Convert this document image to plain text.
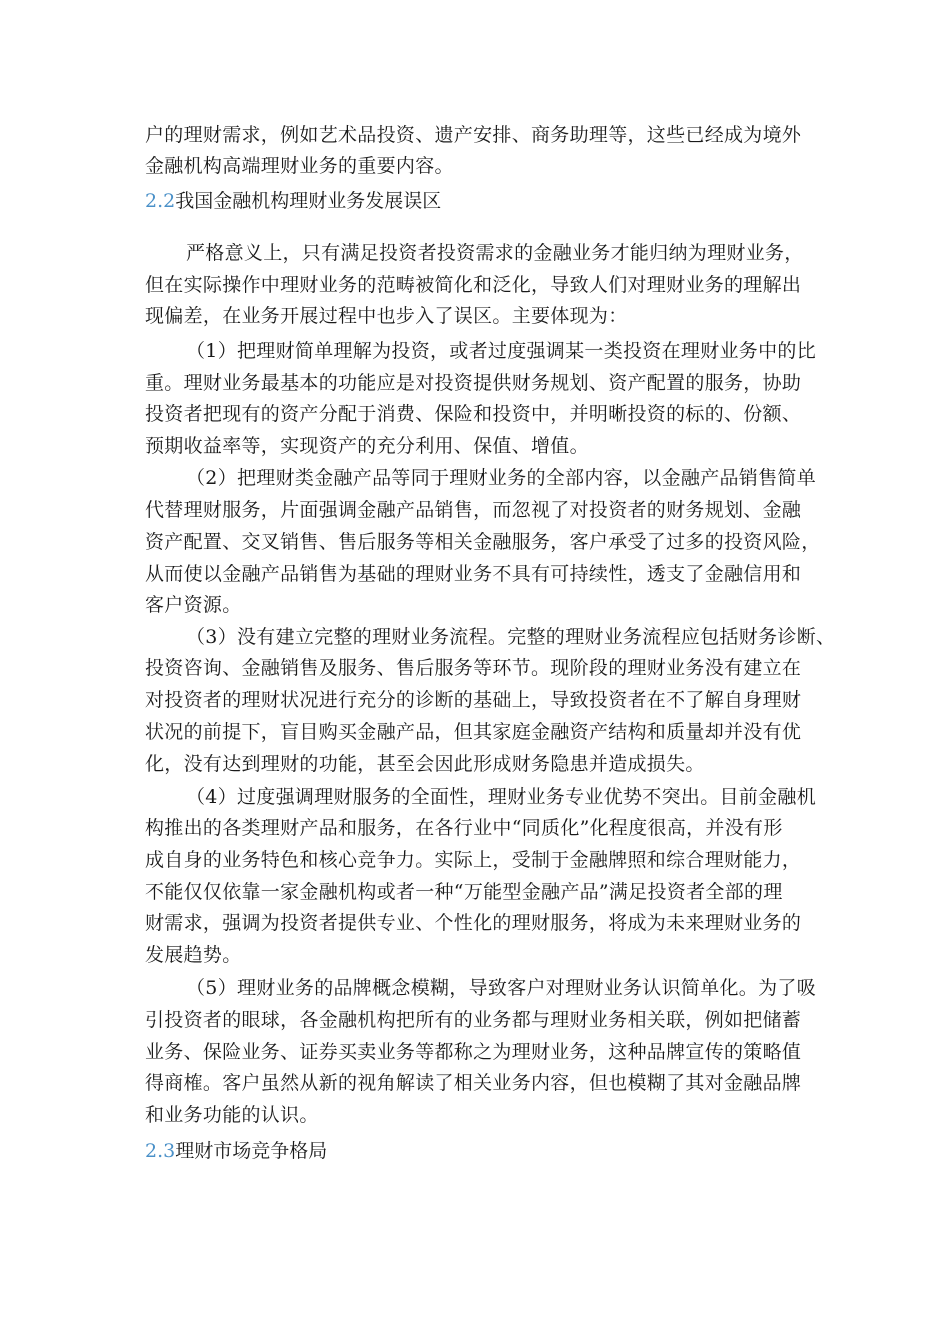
户的理财需求，例如艺术品投资、遗产安排、商务助理等，这些已经成为境外
金融机构高端理财业务的重要内容。
2.2我国金融机构理财业务发展误区
严格意义上，只有满足投资者投资需求的金融业务才能归纳为理财业务，
但在实际操作中理财业务的范畴被简化和泛化，导致人们对理财业务的理解出
现偏差，在业务开展过程中也步入了误区。主要体现为：
（1）把理财简单理解为投资，或者过度强调某一类投资在理财业务中的比
重。理财业务最基本的功能应是对投资提供财务规划、资产配置的服务，协助
投资者把现有的资产分配于消费、保险和投资中，并明晰投资的标的、份额、
预期收益率等，实现资产的充分利用、保值、增值。
（2）把理财类金融产品等同于理财业务的全部内容，以金融产品销售简单
代替理财服务，片面强调金融产品销售，而忽视了对投资者的财务规划、金融
资产配置、交叉销售、售后服务等相关金融服务，客户承受了过多的投资风险，
从而使以金融产品销售为基础的理财业务不具有可持续性，透支了金融信用和
客户资源。
（3）没有建立完整的理财业务流程。完整的理财业务流程应包括财务诊断、
投资咨询、金融销售及服务、售后服务等环节。现阶段的理财业务没有建立在
对投资者的理财状况进行充分的诊断的基础上，导致投资者在不了解自身理财
状况的前提下，盲目购买金融产品，但其家庭金融资产结构和质量却并没有优
化，没有达到理财的功能，甚至会因此形成财务隐患并造成损失。
（4）过度强调理财服务的全面性，理财业务专业优势不突出。目前金融机
构推出的各类理财产品和服务，在各行业中“同质化”化程度很高，并没有形
成自身的业务特色和核心竞争力。实际上，受制于金融牌照和综合理财能力，
不能仅仅依靠一家金融机构或者一种“万能型金融产品”满足投资者全部的理
财需求，强调为投资者提供专业、个性化的理财服务，将成为未来理财业务的
发展趋势。
（5）理财业务的品牌概念模糊，导致客户对理财业务认识简单化。为了吸
引投资者的眼球，各金融机构把所有的业务都与理财业务相关联，例如把储蓄
业务、保险业务、证券买卖业务等都称之为理财业务，这种品牌宣传的策略值
得商榷。客户虽然从新的视角解读了相关业务内容，但也模糊了其对金融品牌
和业务功能的认识。
2.3理财市场竞争格局
